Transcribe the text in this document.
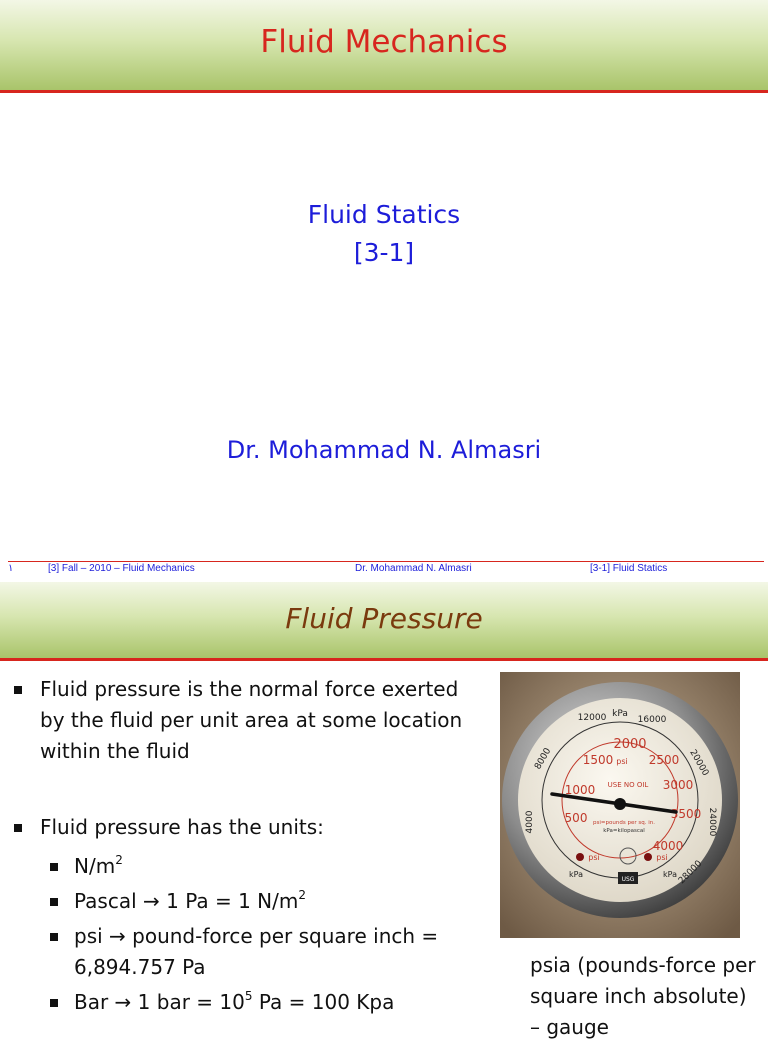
Fluid Mechanics
Fluid Statics
[3-1]
Dr. Mohammad N. Almasri
١	[3] Fall – 2010 – Fluid Mechanics	Dr. Mohammad N. Almasri	[3-1] Fluid Statics
Fluid Pressure
Fluid pressure is the normal force exerted by the fluid per unit area at some location within the fluid
Fluid pressure has the units:
$N/m^2$
Pascal → 1 Pa = 1 $N/m^2$
psi → pound-force per square inch = 6,894.757 Pa
Bar → 1 bar = $10^5$ Pa = 100 Kpa
kPa
12000	16000
8000	20000
4000	24000
28000
2000
1500 psi 2500
1000 USE NO OIL 3000
500	3500
psi=pounds per sq. in.
kPa=kilopascal
4000
psi	psi
kPa	kPa
USG
psia (pounds-force per square inch absolute) – gauge
